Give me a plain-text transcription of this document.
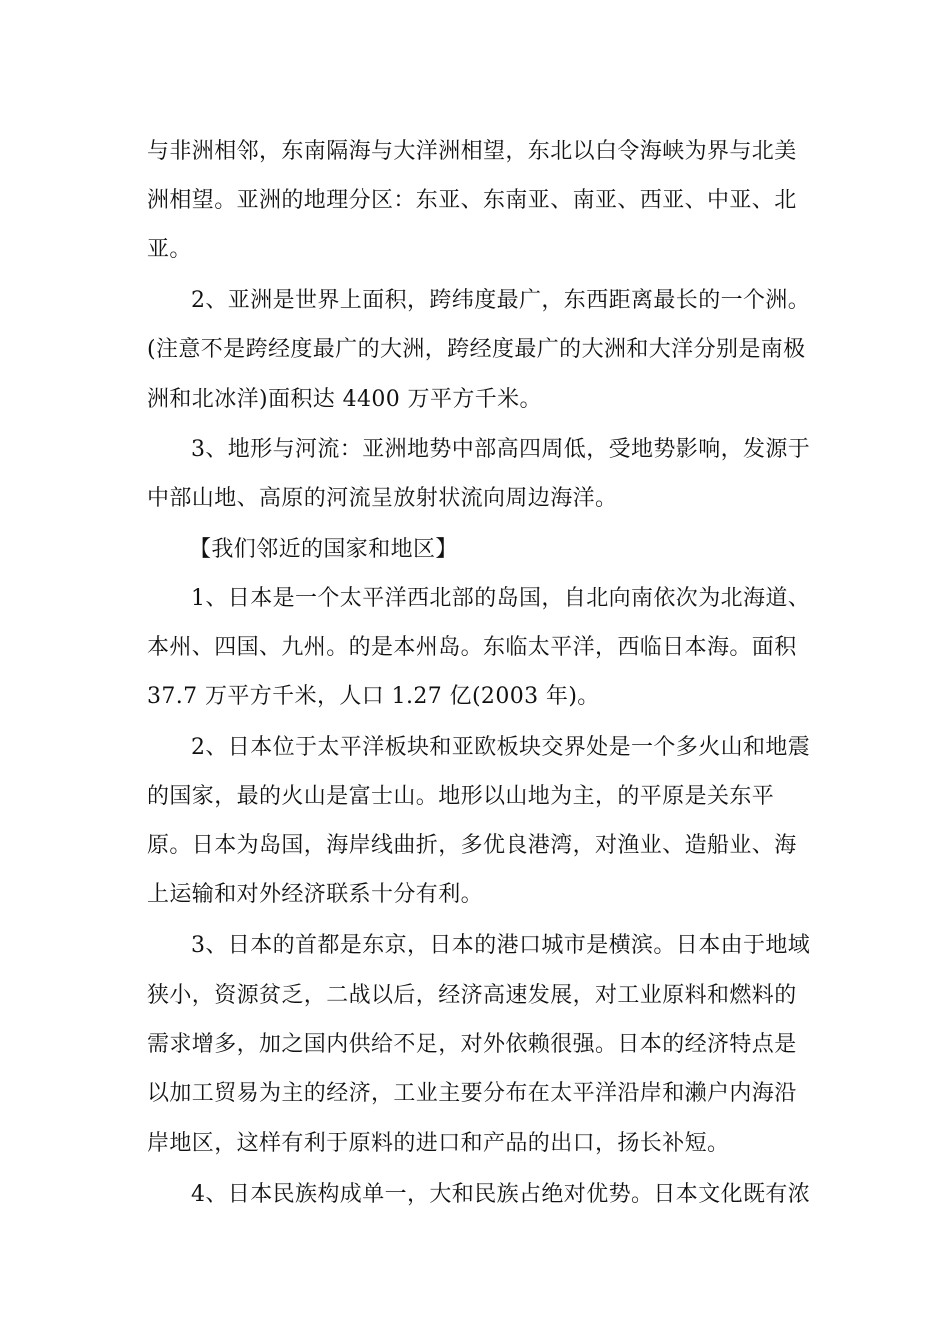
与非洲相邻，东南隔海与大洋洲相望，东北以白令海峡为界与北美
洲相望。亚洲的地理分区：东亚、东南亚、南亚、西亚、中亚、北
亚。
2、亚洲是世界上面积，跨纬度最广，东西距离最长的一个洲。
(注意不是跨经度最广的大洲，跨经度最广的大洲和大洋分别是南极
洲和北冰洋)面积达 4400 万平方千米。
3、地形与河流：亚洲地势中部高四周低，受地势影响，发源于
中部山地、高原的河流呈放射状流向周边海洋。
【我们邻近的国家和地区】
1、日本是一个太平洋西北部的岛国，自北向南依次为北海道、
本州、四国、九州。的是本州岛。东临太平洋，西临日本海。面积
37.7 万平方千米，人口 1.27 亿(2003 年)。
2、日本位于太平洋板块和亚欧板块交界处是一个多火山和地震
的国家，最的火山是富士山。地形以山地为主，的平原是关东平
原。日本为岛国，海岸线曲折，多优良港湾，对渔业、造船业、海
上运输和对外经济联系十分有利。
3、日本的首都是东京，日本的港口城市是横滨。日本由于地域
狭小，资源贫乏，二战以后，经济高速发展，对工业原料和燃料的
需求增多，加之国内供给不足，对外依赖很强。日本的经济特点是
以加工贸易为主的经济，工业主要分布在太平洋沿岸和濑户内海沿
岸地区，这样有利于原料的进口和产品的出口，扬长补短。
4、日本民族构成单一，大和民族占绝对优势。日本文化既有浓
